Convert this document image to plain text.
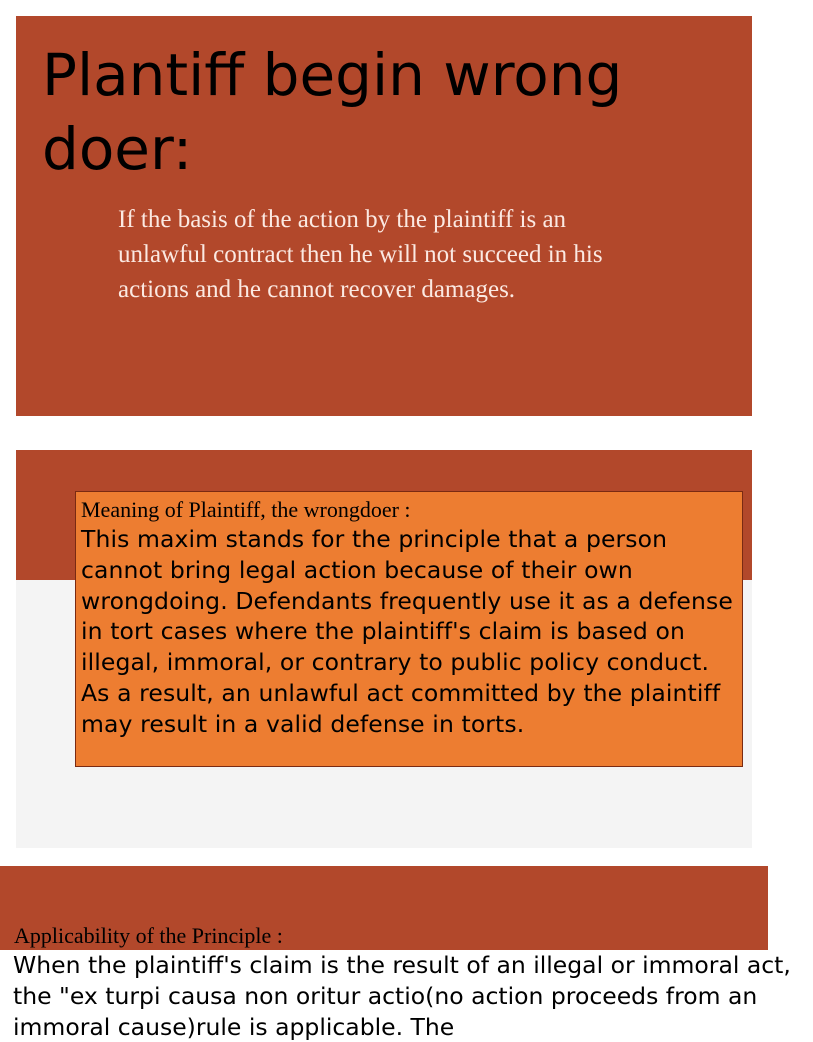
Plantiff begin wrong doer:

If the basis of the action by the plaintiff is an unlawful contract then he will not succeed in his actions and he cannot recover damages.

Meaning of Plaintiff, the wrongdoer :

This maxim stands for the principle that a person cannot bring legal action because of their own wrongdoing. Defendants frequently use it as a defense in tort cases where the plaintiff's claim is based on illegal, immoral, or contrary to public policy conduct. As a result, an unlawful act committed by the plaintiff may result in a valid defense in torts.

Applicability of the Principle :

When the plaintiff's claim is the result of an illegal or immoral act, the "ex turpi causa non oritur actio(no action proceeds from an immoral cause)rule is applicable. The
